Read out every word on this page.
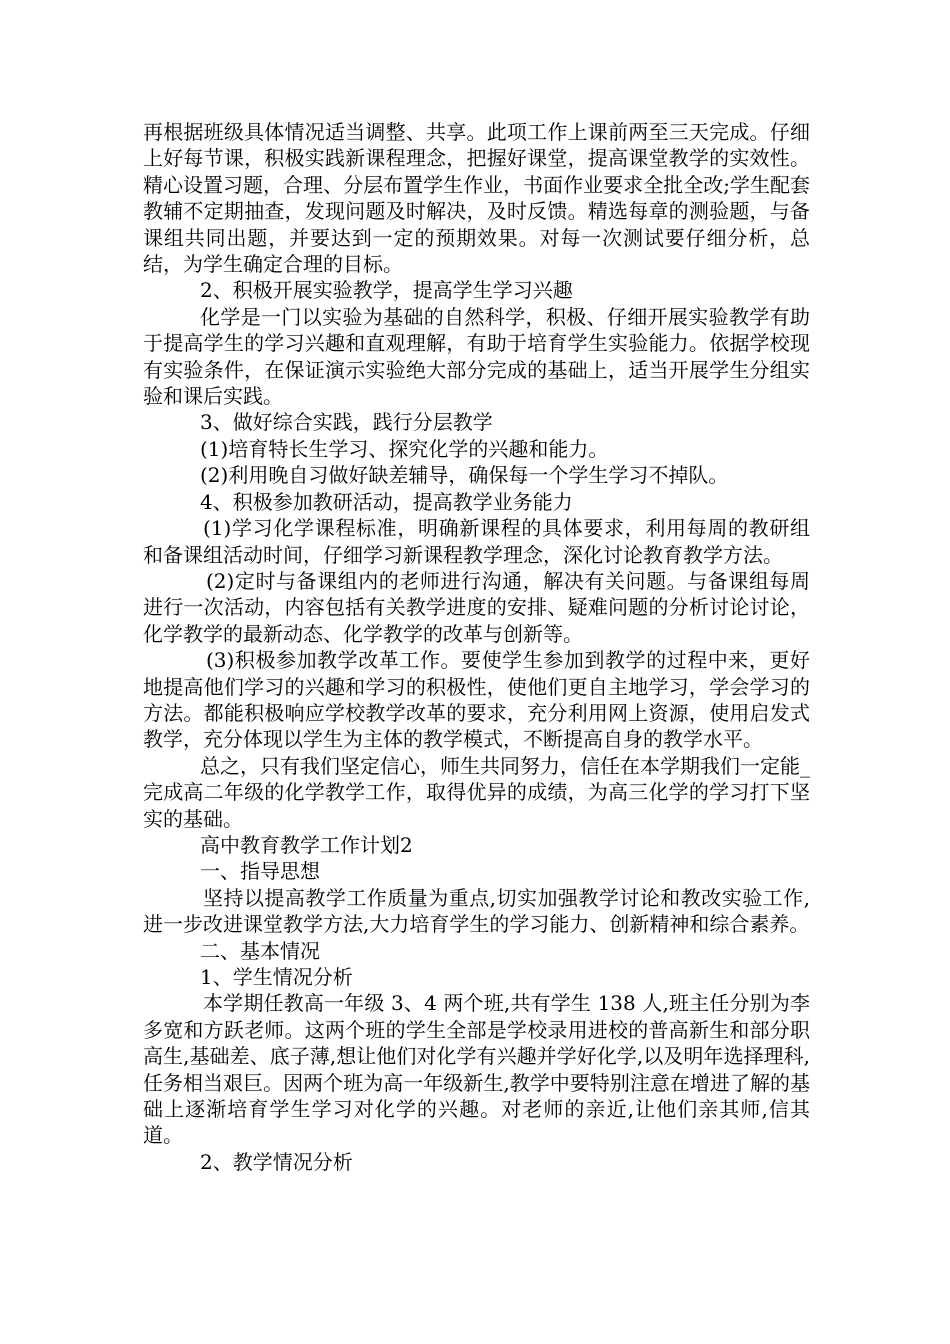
再根据班级具体情况适当调整、共享。此项工作上课前两至三天完成。仔细上好每节课，积极实践新课程理念，把握好课堂，提高课堂教学的实效性。精心设置习题，合理、分层布置学生作业，书面作业要求全批全改;学生配套教辅不定期抽查，发现问题及时解决，及时反馈。精选每章的测验题，与备课组共同出题，并要达到一定的预期效果。对每一次测试要仔细分析，总结，为学生确定合理的目标。

2、积极开展实验教学，提高学生学习兴趣

化学是一门以实验为基础的自然科学，积极、仔细开展实验教学有助于提高学生的学习兴趣和直观理解，有助于培育学生实验能力。依据学校现有实验条件，在保证演示实验绝大部分完成的基础上，适当开展学生分组实验和课后实践。

3、做好综合实践，践行分层教学

(1)培育特长生学习、探究化学的兴趣和能力。

(2)利用晚自习做好缺差辅导，确保每一个学生学习不掉队。

4、积极参加教研活动，提高教学业务能力

(1)学习化学课程标准，明确新课程的具体要求，利用每周的教研组和备课组活动时间，仔细学习新课程教学理念，深化讨论教育教学方法。

(2)定时与备课组内的老师进行沟通，解决有关问题。与备课组每周进行一次活动，内容包括有关教学进度的安排、疑难问题的分析讨论讨论，化学教学的最新动态、化学教学的改革与创新等。

(3)积极参加教学改革工作。要使学生参加到教学的过程中来，更好地提高他们学习的兴趣和学习的积极性，使他们更自主地学习，学会学习的方法。都能积极响应学校教学改革的要求，充分利用网上资源，使用启发式教学，充分体现以学生为主体的教学模式，不断提高自身的教学水平。

总之，只有我们坚定信心，师生共同努力，信任在本学期我们一定能_完成高二年级的化学教学工作，取得优异的成绩，为高三化学的学习打下坚实的基础。

高中教育教学工作计划2

一、指导思想

坚持以提高教学工作质量为重点,切实加强教学讨论和教改实验工作,进一步改进课堂教学方法,大力培育学生的学习能力、创新精神和综合素养。

二、基本情况

1、学生情况分析

本学期任教高一年级 3、4 两个班,共有学生 138 人,班主任分别为李多宽和方跃老师。这两个班的学生全部是学校录用进校的普高新生和部分职高生,基础差、底子薄,想让他们对化学有兴趣并学好化学,以及明年选择理科,任务相当艰巨。因两个班为高一年级新生,教学中要特别注意在增进了解的基础上逐渐培育学生学习对化学的兴趣。对老师的亲近,让他们亲其师,信其道。

2、教学情况分析
